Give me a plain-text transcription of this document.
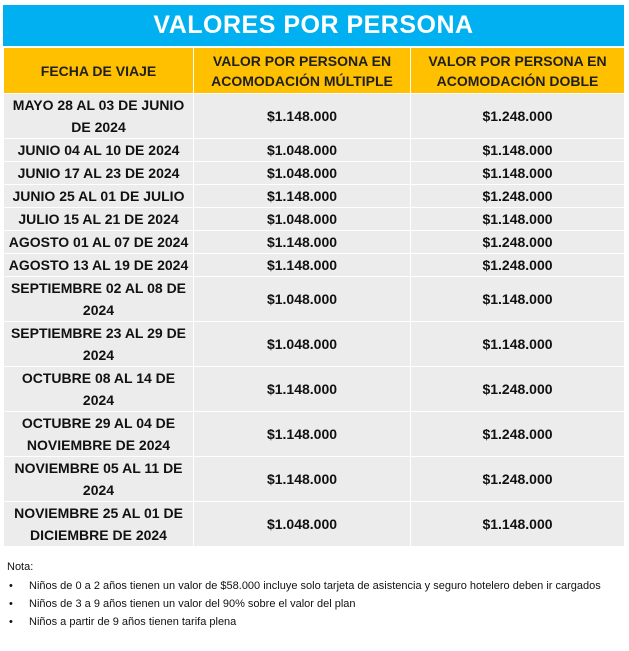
VALORES POR PERSONA
FECHA DE VIAJE	VALOR POR PERSONA EN ACOMODACIÓN MÚLTIPLE	VALOR POR PERSONA EN ACOMODACIÓN DOBLE
MAYO 28 AL 03 DE JUNIO DE 2024	$1.148.000	$1.248.000
JUNIO 04 AL 10 DE 2024	$1.048.000	$1.148.000
JUNIO 17 AL 23 DE 2024	$1.048.000	$1.148.000
JUNIO 25 AL 01 DE JULIO	$1.148.000	$1.248.000
JULIO 15 AL 21 DE 2024	$1.048.000	$1.148.000
AGOSTO 01 AL 07 DE 2024	$1.148.000	$1.248.000
AGOSTO 13 AL 19 DE 2024	$1.148.000	$1.248.000
SEPTIEMBRE 02 AL 08 DE 2024	$1.048.000	$1.148.000
SEPTIEMBRE 23 AL 29 DE 2024	$1.048.000	$1.148.000
OCTUBRE 08 AL 14 DE 2024	$1.148.000	$1.248.000
OCTUBRE 29 AL 04 DE NOVIEMBRE DE 2024	$1.148.000	$1.248.000
NOVIEMBRE 05 AL 11 DE 2024	$1.148.000	$1.248.000
NOVIEMBRE 25 AL 01 DE DICIEMBRE DE 2024	$1.048.000	$1.148.000
Nota:
• Niños de 0 a 2 años tienen un valor de $58.000 incluye solo tarjeta de asistencia y seguro hotelero deben ir cargados
• Niños de 3 a 9 años tienen un valor del 90% sobre el valor del plan
• Niños a partir de 9 años tienen tarifa plena
